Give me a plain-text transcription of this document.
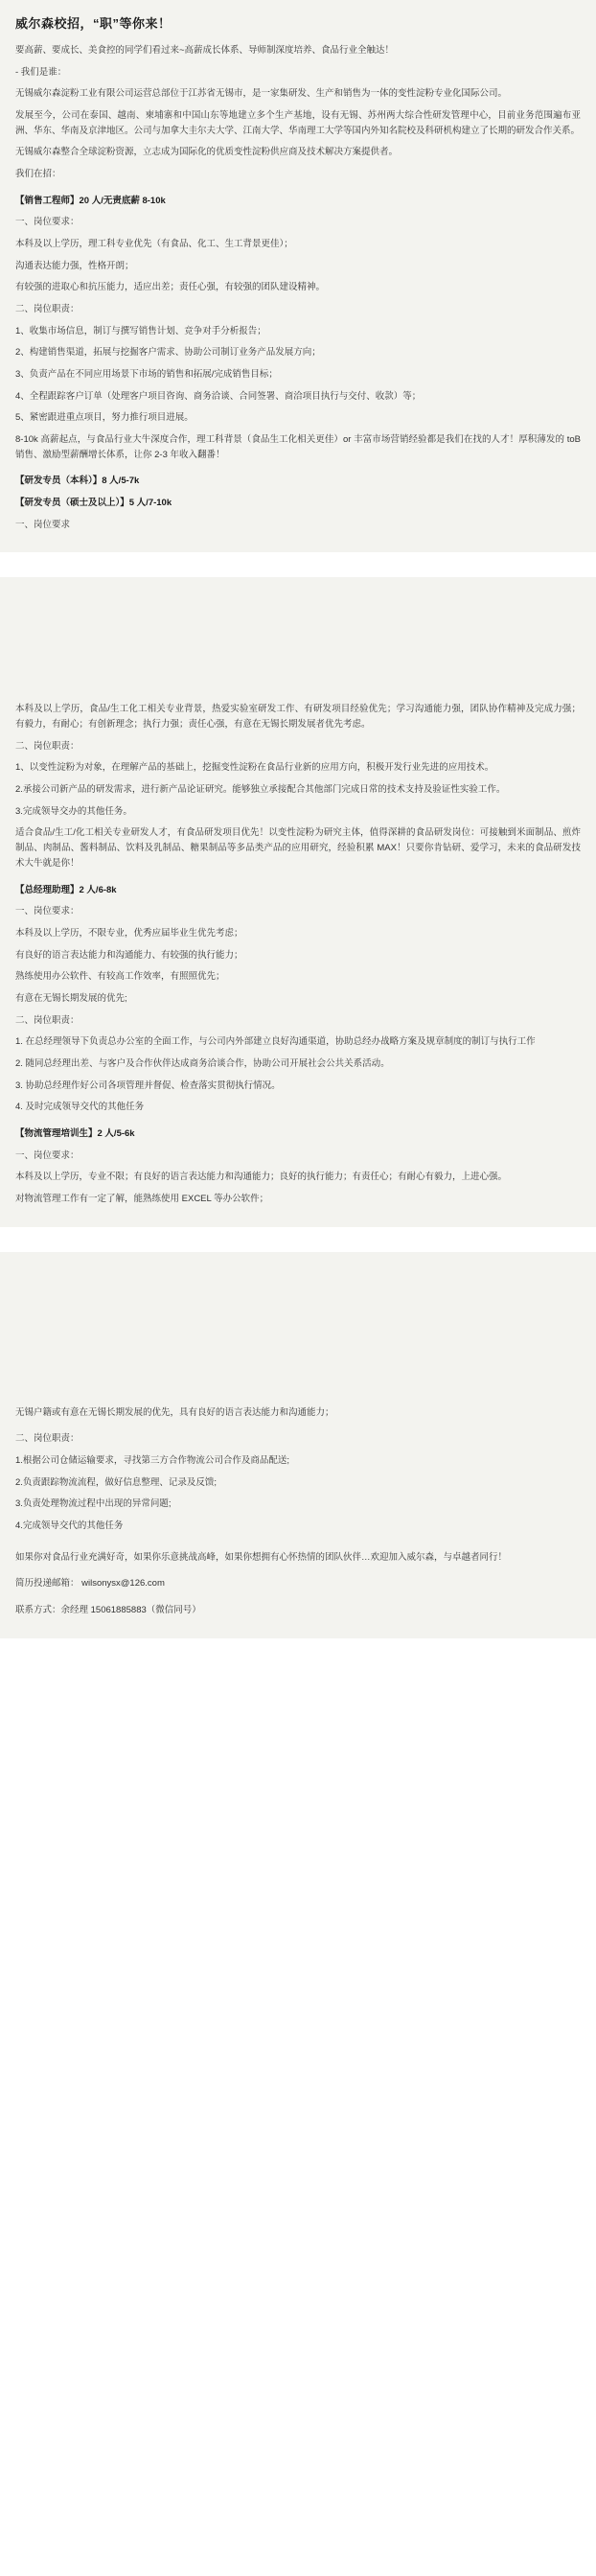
威尔森校招，“职”等你来！

要高薪、要成长、美食控的同学们看过来~高薪成长体系、导师制深度培养、食品行业全触达！

- 我们是谁：

无锡威尔森淀粉工业有限公司运营总部位于江苏省无锡市，是一家集研发、生产和销售为一体的变性淀粉专业化国际公司。

发展至今，公司在泰国、越南、柬埔寨和中国山东等地建立多个生产基地，设有无锡、苏州两大综合性研发管理中心，目前业务范围遍布亚洲、华东、华南及京津地区。公司与加拿大圭尔夫大学、江南大学、华南理工大学等国内外知名院校及科研机构建立了长期的研发合作关系。

无锡威尔森整合全球淀粉资源，立志成为国际化的优质变性淀粉供应商及技术解决方案提供者。

我们在招：

【销售工程师】20 人/无责底薪 8-10k

一、岗位要求：

本科及以上学历，理工科专业优先（有食品、化工、生工背景更佳）；

沟通表达能力强，性格开朗；

有较强的进取心和抗压能力，适应出差；责任心强，有较强的团队建设精神。

二、岗位职责：

1、收集市场信息，制订与撰写销售计划、竞争对手分析报告；

2、构建销售渠道，拓展与挖掘客户需求、协助公司制订业务产品发展方向；

3、负责产品在不同应用场景下市场的销售和拓展/完成销售目标；

4、全程跟踪客户订单（处理客户项目咨询、商务洽谈、合同签署、商洽项目执行与交付、收款）等；

5、紧密跟进重点项目，努力推行项目进展。

8-10k 高薪起点，与食品行业大牛深度合作，理工科背景（食品生工化相关更佳）or 丰富市场营销经验都是我们在找的人才！厚积薄发的 toB 销售、激励型薪酬增长体系，让你 2-3 年收入翻番！

【研发专员（本科）】8 人/5-7k

【研发专员（硕士及以上）】5 人/7-10k

一、岗位要求

本科及以上学历，食品/生工化工相关专业背景，热爱实验室研发工作、有研发项目经验优先；学习沟通能力强，团队协作精神及完成力强；有毅力，有耐心；有创新理念；执行力强；责任心强，有意在无锡长期发展者优先考虑。

二、岗位职责：

1、以变性淀粉为对象，在理解产品的基础上，挖掘变性淀粉在食品行业新的应用方向，积极开发行业先进的应用技术。

2.承接公司新产品的研发需求，进行新产品论证研究。能够独立承接配合其他部门完成日常的技术支持及验证性实验工作。

3.完成领导交办的其他任务。

适合食品/生工/化工相关专业研发人才，有食品研发项目优先！以变性淀粉为研究主体，值得深耕的食品研发岗位：可接触到米面制品、煎炸制品、肉制品、酱料制品、饮料及乳制品、糖果制品等多品类产品的应用研究，经验积累 MAX！只要你肯钻研、爱学习，未来的食品研发技术大牛就是你！

【总经理助理】2 人/6-8k

一、岗位要求：

本科及以上学历，不限专业，优秀应届毕业生优先考虑；

有良好的语言表达能力和沟通能力、有较强的执行能力；

熟练使用办公软件、有较高工作效率，有照照优先；

有意在无锡长期发展的优先;

二、岗位职责：

1. 在总经理领导下负责总办公室的全面工作，与公司内外部建立良好沟通渠道，协助总经办战略方案及规章制度的制订与执行工作

2. 随同总经理出差、与客户及合作伙伴达成商务洽谈合作，协助公司开展社会公共关系活动。

3. 协助总经理作好公司各项管理并督促、检查落实贯彻执行情况。

4. 及时完成领导交代的其他任务

【物流管理培训生】2 人/5-6k

一、岗位要求：

本科及以上学历，专业不限；有良好的语言表达能力和沟通能力；良好的执行能力；有责任心；有耐心有毅力，上进心强。

对物流管理工作有一定了解，能熟练使用 EXCEL 等办公软件；

无锡户籍或有意在无锡长期发展的优先，具有良好的语言表达能力和沟通能力；

二、岗位职责：

1.根据公司仓储运输要求，寻找第三方合作物流公司合作及商品配送;

2.负责跟踪物流流程，做好信息整理、记录及反馈;

3.负责处理物流过程中出现的异常问题;

4.完成领导交代的其他任务

如果你对食品行业充满好奇，如果你乐意挑战高峰，如果你想拥有心怀热情的团队伙伴…欢迎加入威尔森，与卓越者同行！

简历投递邮箱： wilsonysx@126.com

联系方式：余经理 15061885883（微信同号）
